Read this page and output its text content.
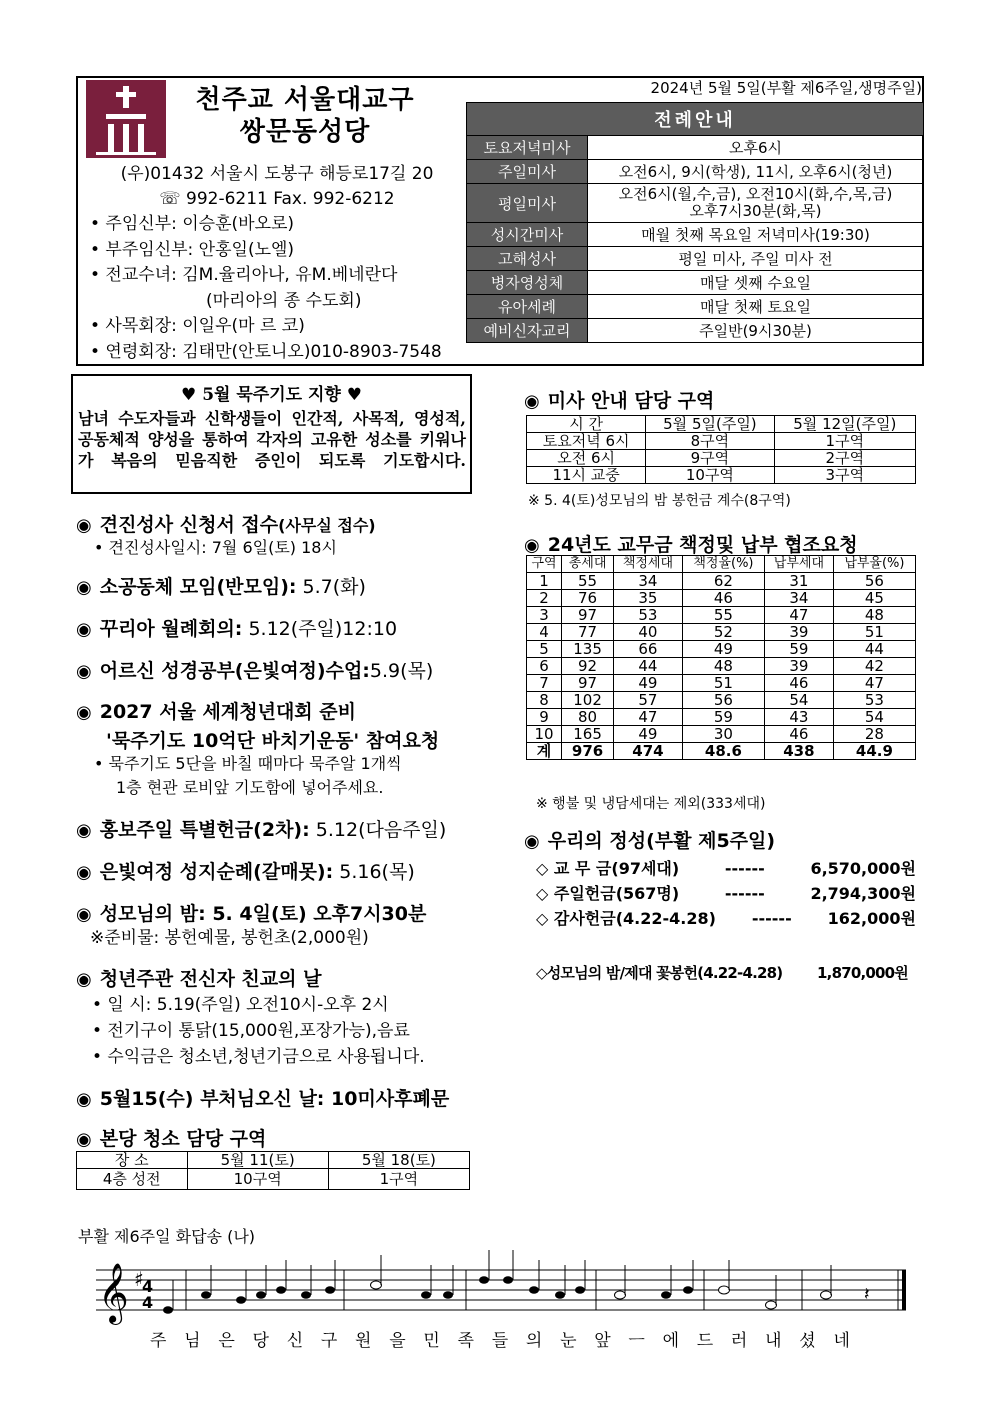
천주교 서울대교구
쌍문동성당
(우)01432 서울시 도봉구 해등로17길 20
☏ 992-6211 Fax. 992-6212
• 주임신부: 이승훈(바오로)
• 부주임신부: 안홍일(노엘)
• 전교수녀: 김M.율리아나, 유M.베네란다
(마리아의 종 수도회)
• 사목회장: 이일우(마 르 코)
• 연령회장: 김태만(안토니오)010-8903-7548
2024년 5월 5일(부활 제6주일,생명주일)
전례안내	
토요저녁미사	오후6시
주일미사	오전6시, 9시(학생), 11시, 오후6시(청년)
평일미사	오전6시(월,수,금), 오전10시(화,수,목,금)
오후7시30분(화,목)

성시간미사	매월 첫째 목요일 저녁미사(19:30)
고해성사	평일 미사, 주일 미사 전
병자영성체	매달 셋째 수요일
유아세례	매달 첫째 토요일
예비신자교리	주일반(9시30분)
♥ 5월 묵주기도 지향 ♥
남녀 수도자들과 신학생들이 인간적, 사목적, 영성적, 공동체적 양성을 통하여 각자의 고유한 성소를 키워나가 복음의 믿음직한 증인이 되도록 기도합시다.
◉ 견진성사 신청서 접수(사무실 접수)
• 견진성사일시: 7월 6일(토) 18시
◉ 소공동체 모임(반모임): 5.7(화)
◉ 꾸리아 월례회의: 5.12(주일)12:10
◉ 어르신 성경공부(은빛여정)수업:5.9(목)
◉ 2027 서울 세계청년대회 준비
'묵주기도 10억단 바치기운동' 참여요청
• 묵주기도 5단을 바칠 때마다 묵주알 1개씩
1층 현관 로비앞 기도함에 넣어주세요.
◉ 홍보주일 특별헌금(2차): 5.12(다음주일)
◉ 은빛여정 성지순례(갈매못): 5.16(목)
◉ 성모님의 밤: 5. 4일(토) 오후7시30분
※준비물: 봉헌예물, 봉헌초(2,000원)
◉ 청년주관 전신자 친교의 날
• 일 시: 5.19(주일) 오전10시-오후 2시
• 전기구이 통닭(15,000원,포장가능),음료
• 수익금은 청소년,청년기금으로 사용됩니다.
◉ 5월15(수) 부처님오신 날: 10미사후폐문
◉ 본당 청소 담당 구역
장 소	5월 11(토)	5월 18(토)
4층 성전	10구역	1구역
◉ 미사 안내 담당 구역
시 간	5월 5일(주일)	5월 12일(주일)
토요저녁 6시	8구역	1구역
오전 6시	9구역	2구역
11시 교중	10구역	3구역
※ 5. 4(토)성모님의 밤 봉헌금 계수(8구역)
◉ 24년도 교무금 책정및 납부 협조요청
구역	총세대	책정세대	책정율(%)	납부세대	납부율(%)
1	55	34	62	31	56
2	76	35	46	34	45
3	97	53	55	47	48
4	77	40	52	39	51
5	135	66	49	59	44
6	92	44	48	39	42
7	97	49	51	46	47
8	102	57	56	54	53
9	80	47	59	43	54
10	165	49	30	46	28
계	976	474	48.6	438	44.9
※ 행불 및 냉담세대는 제외(333세대)
◉ 우리의 정성(부활 제5주일)
◇ 교 무 금(97세대)	------	6,570,000원
◇ 주일헌금(567명)	------	2,794,300원
◇ 감사헌금(4.22-4.28) ------ 162,000원
◇성모님의 밤/제대 꽃봉헌(4.22-4.28) 1,870,000원
부활 제6주일 화답송 (나)
𝄞 ♯
4
4	𝄽
주 님 은 당 신 구 원 을 민 족 들 의 눈 앞 ㅡ 에 드 러 내 셨 네
